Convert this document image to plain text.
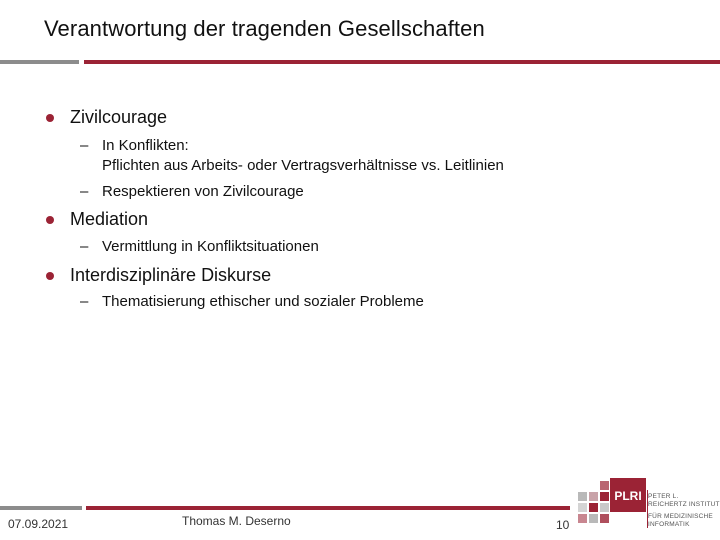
Verantwortung der tragenden Gesellschaften
Zivilcourage
– In Konflikten:
Pflichten aus Arbeits- oder Vertragsverhältnisse vs. Leitlinien
– Respektieren von Zivilcourage
Mediation
– Vermittlung in Konfliktsituationen
Interdisziplinäre Diskurse
– Thematisierung ethischer und sozialer Probleme
07.09.2021	Thomas M. Deserno	10
PLRI PETER L.
REICHERTZ INSTITUT
FÜR MEDIZINISCHE
INFORMATIK
